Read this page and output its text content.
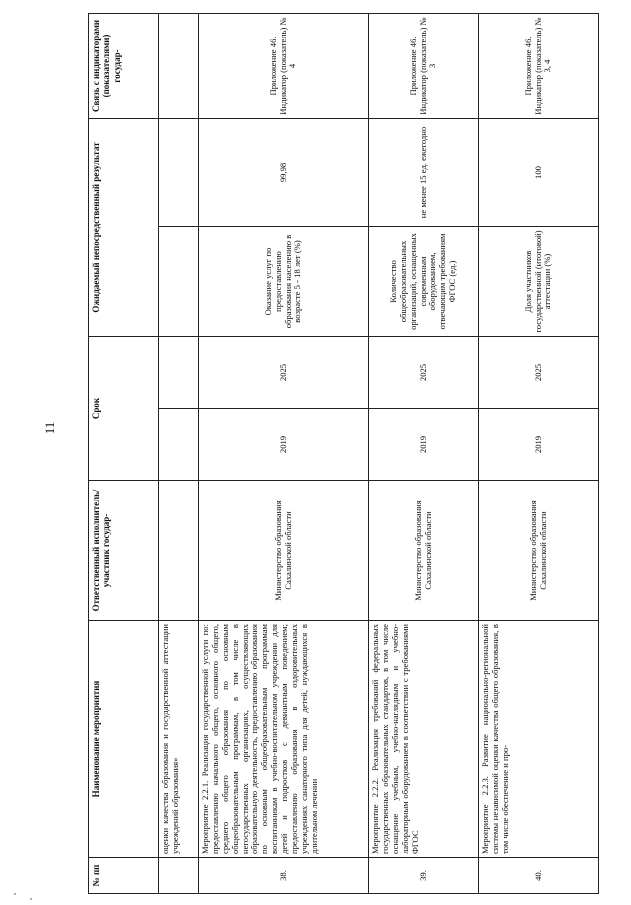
11
№ пп	Наименование мероприятия	Ответственный исполнитель/участник государ-	Срок		Ожидаемый непосредственный результат		Связь с индикаторами (показателями) государ-
	оценки качества образования и государственной аттестации учреждений образования»						
38.	Мероприятие 2.2.1. Реализация государственной услуги по: предоставлению начального общего, основного общего, среднего общего образования по основным общеобразовательным программам, в том числе в негосударственных организациях, осуществляющих образовательную деятельность, предоставлению образования по основным общеобразовательным программам воспитанникам в учебно-воспитательном учреждении для детей и подростков с девиантным поведением; предоставлению образования в оздоровительных учреждениях санаторного типа для детей, нуждающихся в длительном лечении	Министерство образования Сахалинской области	2019	2025	Оказание услуг по предоставлению образования населению в возрасте 5 - 18 лет (%)	99,98	Приложение 46. Индикатор (показатель) № 4
39.	Мероприятие 2.2.2. Реализация требований федеральных государственных образовательных стандартов, в том числе оснащение учебным, учебно-наглядным и учебно-лабораторным оборудованием в соответствии с требованиями ФГОС	Министерство образования Сахалинской области	2019	2025	Количество общеобразовательных организаций, оснащенных современным оборудованием, отвечающим требованиям ФГОС (ед.)	не менее 15 ед. ежегодно	Приложение 46. Индикатор (показатель) № 3
40.	Мероприятие 2.2.3. Развитие национально-региональной системы независимой оценки качества общего образования, в том числе обеспечение и про-	Министерство образования Сахалинской области	2019	2025	Доля участников государственной (итоговой) аттестации (%)	100	Приложение 46. Индикатор (показатель) № 3, 4
